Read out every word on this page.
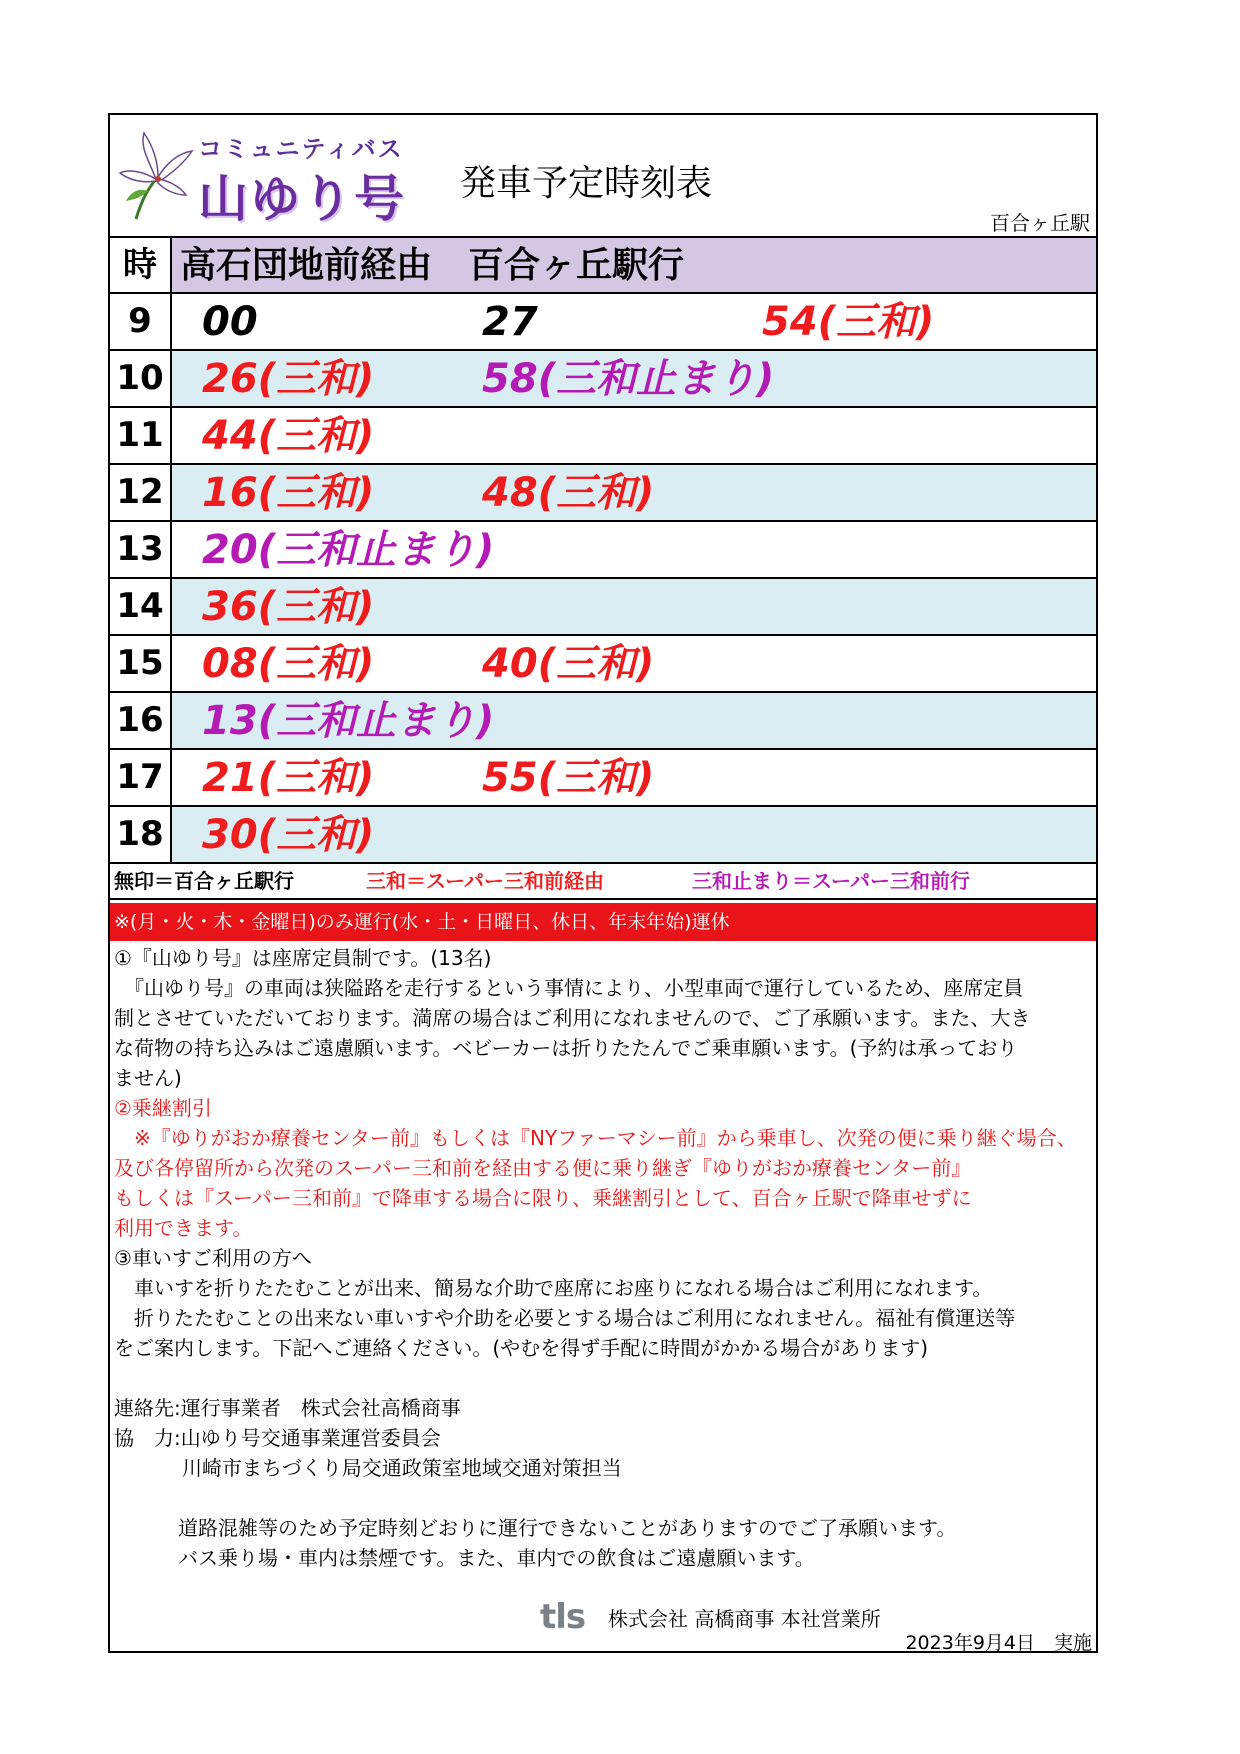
コミュニティバス
山ゆり号 発車予定時刻表
百合ヶ丘駅
時 高石団地前経由　百合ヶ丘駅行
9	00	27	54(三和)
10 26(三和)	58(三和止まり)
11 44(三和)
12 16(三和)	48(三和)
13 20(三和止まり)
14 36(三和)
15 08(三和)	40(三和)
16 13(三和止まり)
17 21(三和)	55(三和)
18 30(三和)
無印＝百合ヶ丘駅行	三和＝スーパー三和前経由	三和止まり＝スーパー三和前行
※(月・火・木・金曜日)のみ運行(水・土・日曜日、休日、年末年始)運休

①『山ゆり号』は座席定員制です。(13名)

『山ゆり号』の車両は狭隘路を走行するという事情により、小型車両で運行しているため、座席定員

制とさせていただいております。満席の場合はご利用になれませんので、ご了承願います。また、大き

な荷物の持ち込みはご遠慮願います。ベビーカーは折りたたんでご乗車願います。(予約は承っており

ません)

②乗継割引

※『ゆりがおか療養センター前』もしくは『NYファーマシー前』から乗車し、次発の便に乗り継ぐ場合、

及び各停留所から次発のスーパー三和前を経由する便に乗り継ぎ『ゆりがおか療養センター前』

もしくは『スーパー三和前』で降車する場合に限り、乗継割引として、百合ヶ丘駅で降車せずに

利用できます。

③車いすご利用の方へ

車いすを折りたたむことが出来、簡易な介助で座席にお座りになれる場合はご利用になれます。

折りたたむことの出来ない車いすや介助を必要とする場合はご利用になれません。福祉有償運送等

をご案内します。下記へご連絡ください。(やむを得ず手配に時間がかかる場合があります)

連絡先:運行事業者　株式会社高橋商事

協　力:山ゆり号交通事業運営委員会

川崎市まちづくり局交通政策室地域交通対策担当

道路混雑等のため予定時刻どおりに運行できないことがありますのでご了承願います。

バス乗り場・車内は禁煙です。また、車内での飲食はご遠慮願います。

tls 株式会社 高橋商事 本社営業所
2023年9月4日　実施
